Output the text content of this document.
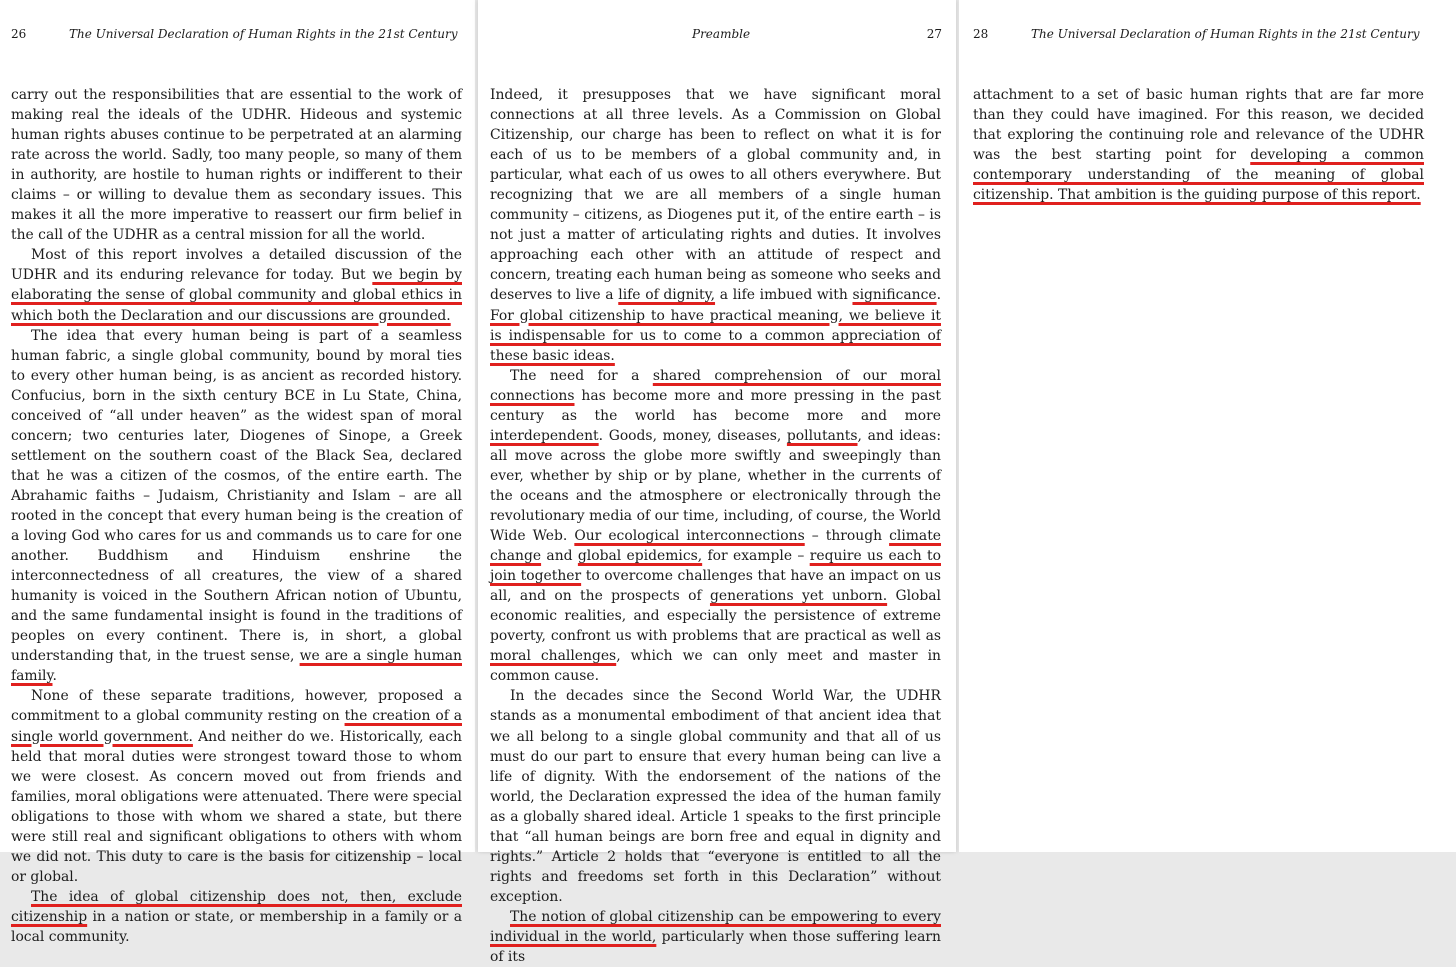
26	The Universal Declaration of Human Rights in the 21st Century

carry out the responsibilities that are essential to the work of making real the ideals of the UDHR. Hideous and systemic human rights abuses continue to be perpetrated at an alarming rate across the world. Sadly, too many people, so many of them in authority, are hostile to human rights or indifferent to their claims – or willing to devalue them as secondary issues. This makes it all the more imperative to reassert our firm belief in the call of the UDHR as a central mission for all the world.

Most of this report involves a detailed discussion of the UDHR and its enduring relevance for today. But we begin by elaborating the sense of global community and global ethics in which both the Declaration and our discussions are grounded.

The idea that every human being is part of a seamless human fabric, a single global community, bound by moral ties to every other human being, is as ancient as recorded history. Confucius, born in the sixth century BCE in Lu State, China, conceived of “all under heaven” as the widest span of moral concern; two centuries later, Diogenes of Sinope, a Greek settlement on the southern coast of the Black Sea, declared that he was a citizen of the cosmos, of the entire earth. The Abrahamic faiths – Judaism, Christianity and Islam – are all rooted in the concept that every human being is the creation of a loving God who cares for us and commands us to care for one another. Buddhism and Hinduism enshrine the interconnectedness of all creatures, the view of a shared humanity is voiced in the Southern African notion of Ubuntu, and the same fundamental insight is found in the traditions of peoples on every continent. There is, in short, a global understanding that, in the truest sense, we are a single human family.

None of these separate traditions, however, proposed a commitment to a global community resting on the creation of a single world government. And neither do we. Historically, each held that moral duties were strongest toward those to whom we were closest. As concern moved out from friends and families, moral obligations were attenuated. There were special obligations to those with whom we shared a state, but there were still real and significant obligations to others with whom we did not. This duty to care is the basis for citizenship – local or global.

The idea of global citizenship does not, then, exclude citizenship in a nation or state, or membership in a family or a local community.

Preamble	27

Indeed, it presupposes that we have significant moral connections at all three levels. As a Commission on Global Citizenship, our charge has been to reflect on what it is for each of us to be members of a global community and, in particular, what each of us owes to all others everywhere. But recognizing that we are all members of a single human community – citizens, as Diogenes put it, of the entire earth – is not just a matter of articulating rights and duties. It involves approaching each other with an attitude of respect and concern, treating each human being as someone who seeks and deserves to live a life of dignity, a life imbued with significance. For global citizenship to have practical meaning, we believe it is indispensable for us to come to a common appreciation of these basic ideas.

The need for a shared comprehension of our moral connections has become more and more pressing in the past century as the world has become more and more interdependent. Goods, money, diseases, pollutants, and ideas: all move across the globe more swiftly and sweepingly than ever, whether by ship or by plane, whether in the currents of the oceans and the atmosphere or electronically through the revolutionary media of our time, including, of course, the World Wide Web. Our ecological interconnections – through climate change and global epidemics, for example – require us each to join together to overcome challenges that have an impact on us all, and on the prospects of generations yet unborn. Global economic realities, and especially the persistence of extreme poverty, confront us with problems that are practical as well as moral challenges, which we can only meet and master in common cause.

In the decades since the Second World War, the UDHR stands as a monumental embodiment of that ancient idea that we all belong to a single global community and that all of us must do our part to ensure that every human being can live a life of dignity. With the endorsement of the nations of the world, the Declaration expressed the idea of the human family as a globally shared ideal. Article 1 speaks to the first principle that “all human beings are born free and equal in dignity and rights.” Article 2 holds that “everyone is entitled to all the rights and freedoms set forth in this Declaration” without exception.

The notion of global citizenship can be empowering to every individual in the world, particularly when those suffering learn of its

28	The Universal Declaration of Human Rights in the 21st Century

attachment to a set of basic human rights that are far more than they could have imagined. For this reason, we decided that exploring the continuing role and relevance of the UDHR was the best starting point for developing a common contemporary understanding of the meaning of global citizenship. That ambition is the guiding purpose of this report.
